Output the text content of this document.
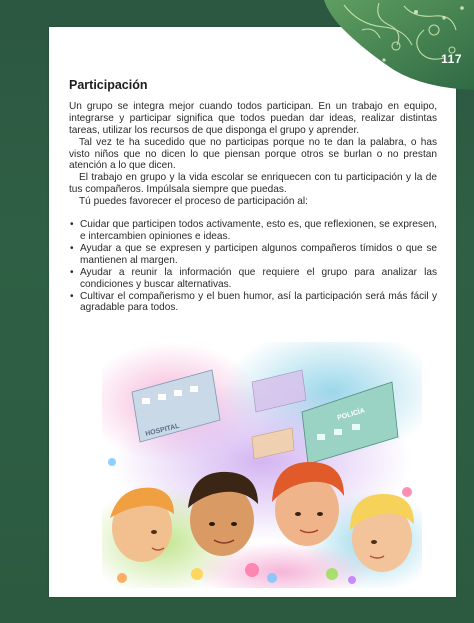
117
Participación

Un grupo se integra mejor cuando todos participan. En un trabajo en equipo, integrarse y participar significa que todos puedan dar ideas, realizar distintas tareas, utilizar los recursos de que disponga el grupo y aprender.

Tal vez te ha sucedido que no participas porque no te dan la palabra, o has visto niños que no dicen lo que piensan porque otros se burlan o no prestan atención a lo que dicen.

El trabajo en grupo y la vida escolar se enriquecen con tu participación y la de tus compañeros. Impúlsala siempre que puedas.

Tú puedes favorecer el proceso de participación al:

• Cuidar que participen todos activamente, esto es, que reflexionen, se expresen, e intercambien opiniones e ideas.
• Ayudar a que se expresen y participen algunos compañeros tímidos o que se mantienen al margen.
• Ayudar a reunir la información que requiere el grupo para analizar las condiciones y buscar alternativas.
• Cultivar el compañerismo y el buen humor, así la participación será más fácil y agradable para todos.
HOSPITAL
POLICÍA
